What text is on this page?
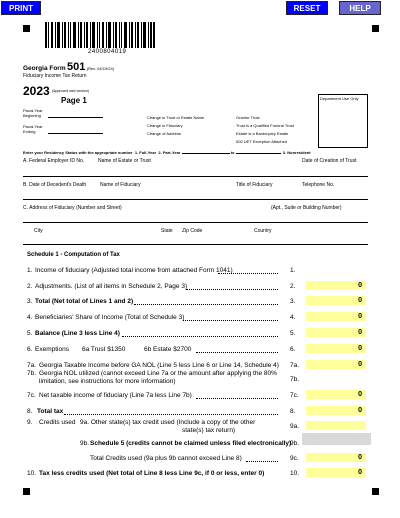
PRINT	RESET	HELP
2400804019
Georgia Form 501 (Rev. 04/19/24)
Fiduciary Income Tax Return
2023 (Approved web version)
Page 1	Department Use Only
Fiscal Year
Beginning
Fiscal Year
Ending
Change in Trust or Estate Name
Change in Fiduciary
Change of Address
Grantor Trust
Trust is a Qualified Funeral Trust
Estate is a Bankruptcy Estate
500 UET Exception Attached
Enter your Residency Status with the appropriate number 1. Full-Year 2. Part-Year	to	3. Nonresident
A. Federal Employer ID No.	Name of Estate or Trust	Date of Creation of Trust
B. Date of Decedent's Death	Name of Fiduciary	Title of Fiduciary	Telephone No.
C. Address of Fiduciary (Number and Street)	(Apt., Suite or Building Number)
City	State Zip Code	Country
Schedule 1 - Computation of Tax
1. Income of fiduciary (Adjusted total income from attached Form 1041)	1.
2. Adjustments. (List of all items in Schedule 2, Page 3)	2.	0
3. Total (Net total of Lines 1 and 2)	3.	0
4. Beneficiaries' Share of Income (Total of Schedule 3)	4.	0
5. Balance (Line 3 less Line 4)	5.	0
6. Exemptions 6a Trust $1350	6b Estate $2700	6.	0
7a. Georgia Taxable Income before GA NOL (Line 5 less Line 6 or Line 14, Schedule 4) 7a.	0
7b. Georgia NOL utilized (cannot exceed Line 7a or the amount after applying the 80% limitation, see instructions for more information)	7b.
7c. Net taxable income of fiduciary (Line 7a less Line 7b)	7c.	0
8. Total tax	8.	0
9. Credits used 9a. Other state(s) tax credit used (Include a copy of the other
state(s) tax return)
9a.
9b. Schedule 5 (credits cannot be claimed unless filed electronically)
9b.
Total Credits used (9a plus 9b cannot exceed Line 8)	9c.	0
10. Tax less credits used (Net total of Line 8 less Line 9c, if 0 or less, enter 0)	10.	0
